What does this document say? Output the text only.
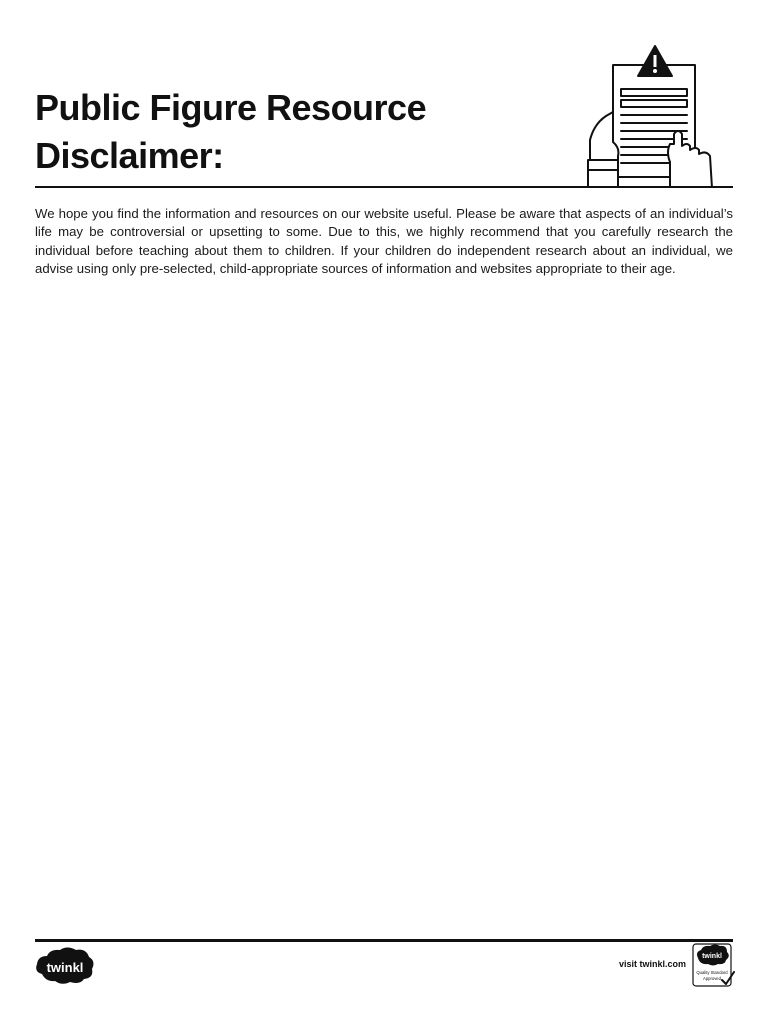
Public Figure Resource Disclaimer:

We hope you find the information and resources on our website useful. Please be aware that aspects of an individual’s life may be controversial or upsetting to some. Due to this, we highly recommend that you carefully research the individual before teaching about them to children. If your children do independent research about an individual, we advise using only pre-selected, child-appropriate sources of information and websites appropriate to their age.

twinkl	visit twinkl.com
twinkl
Quality Standard
Approved
